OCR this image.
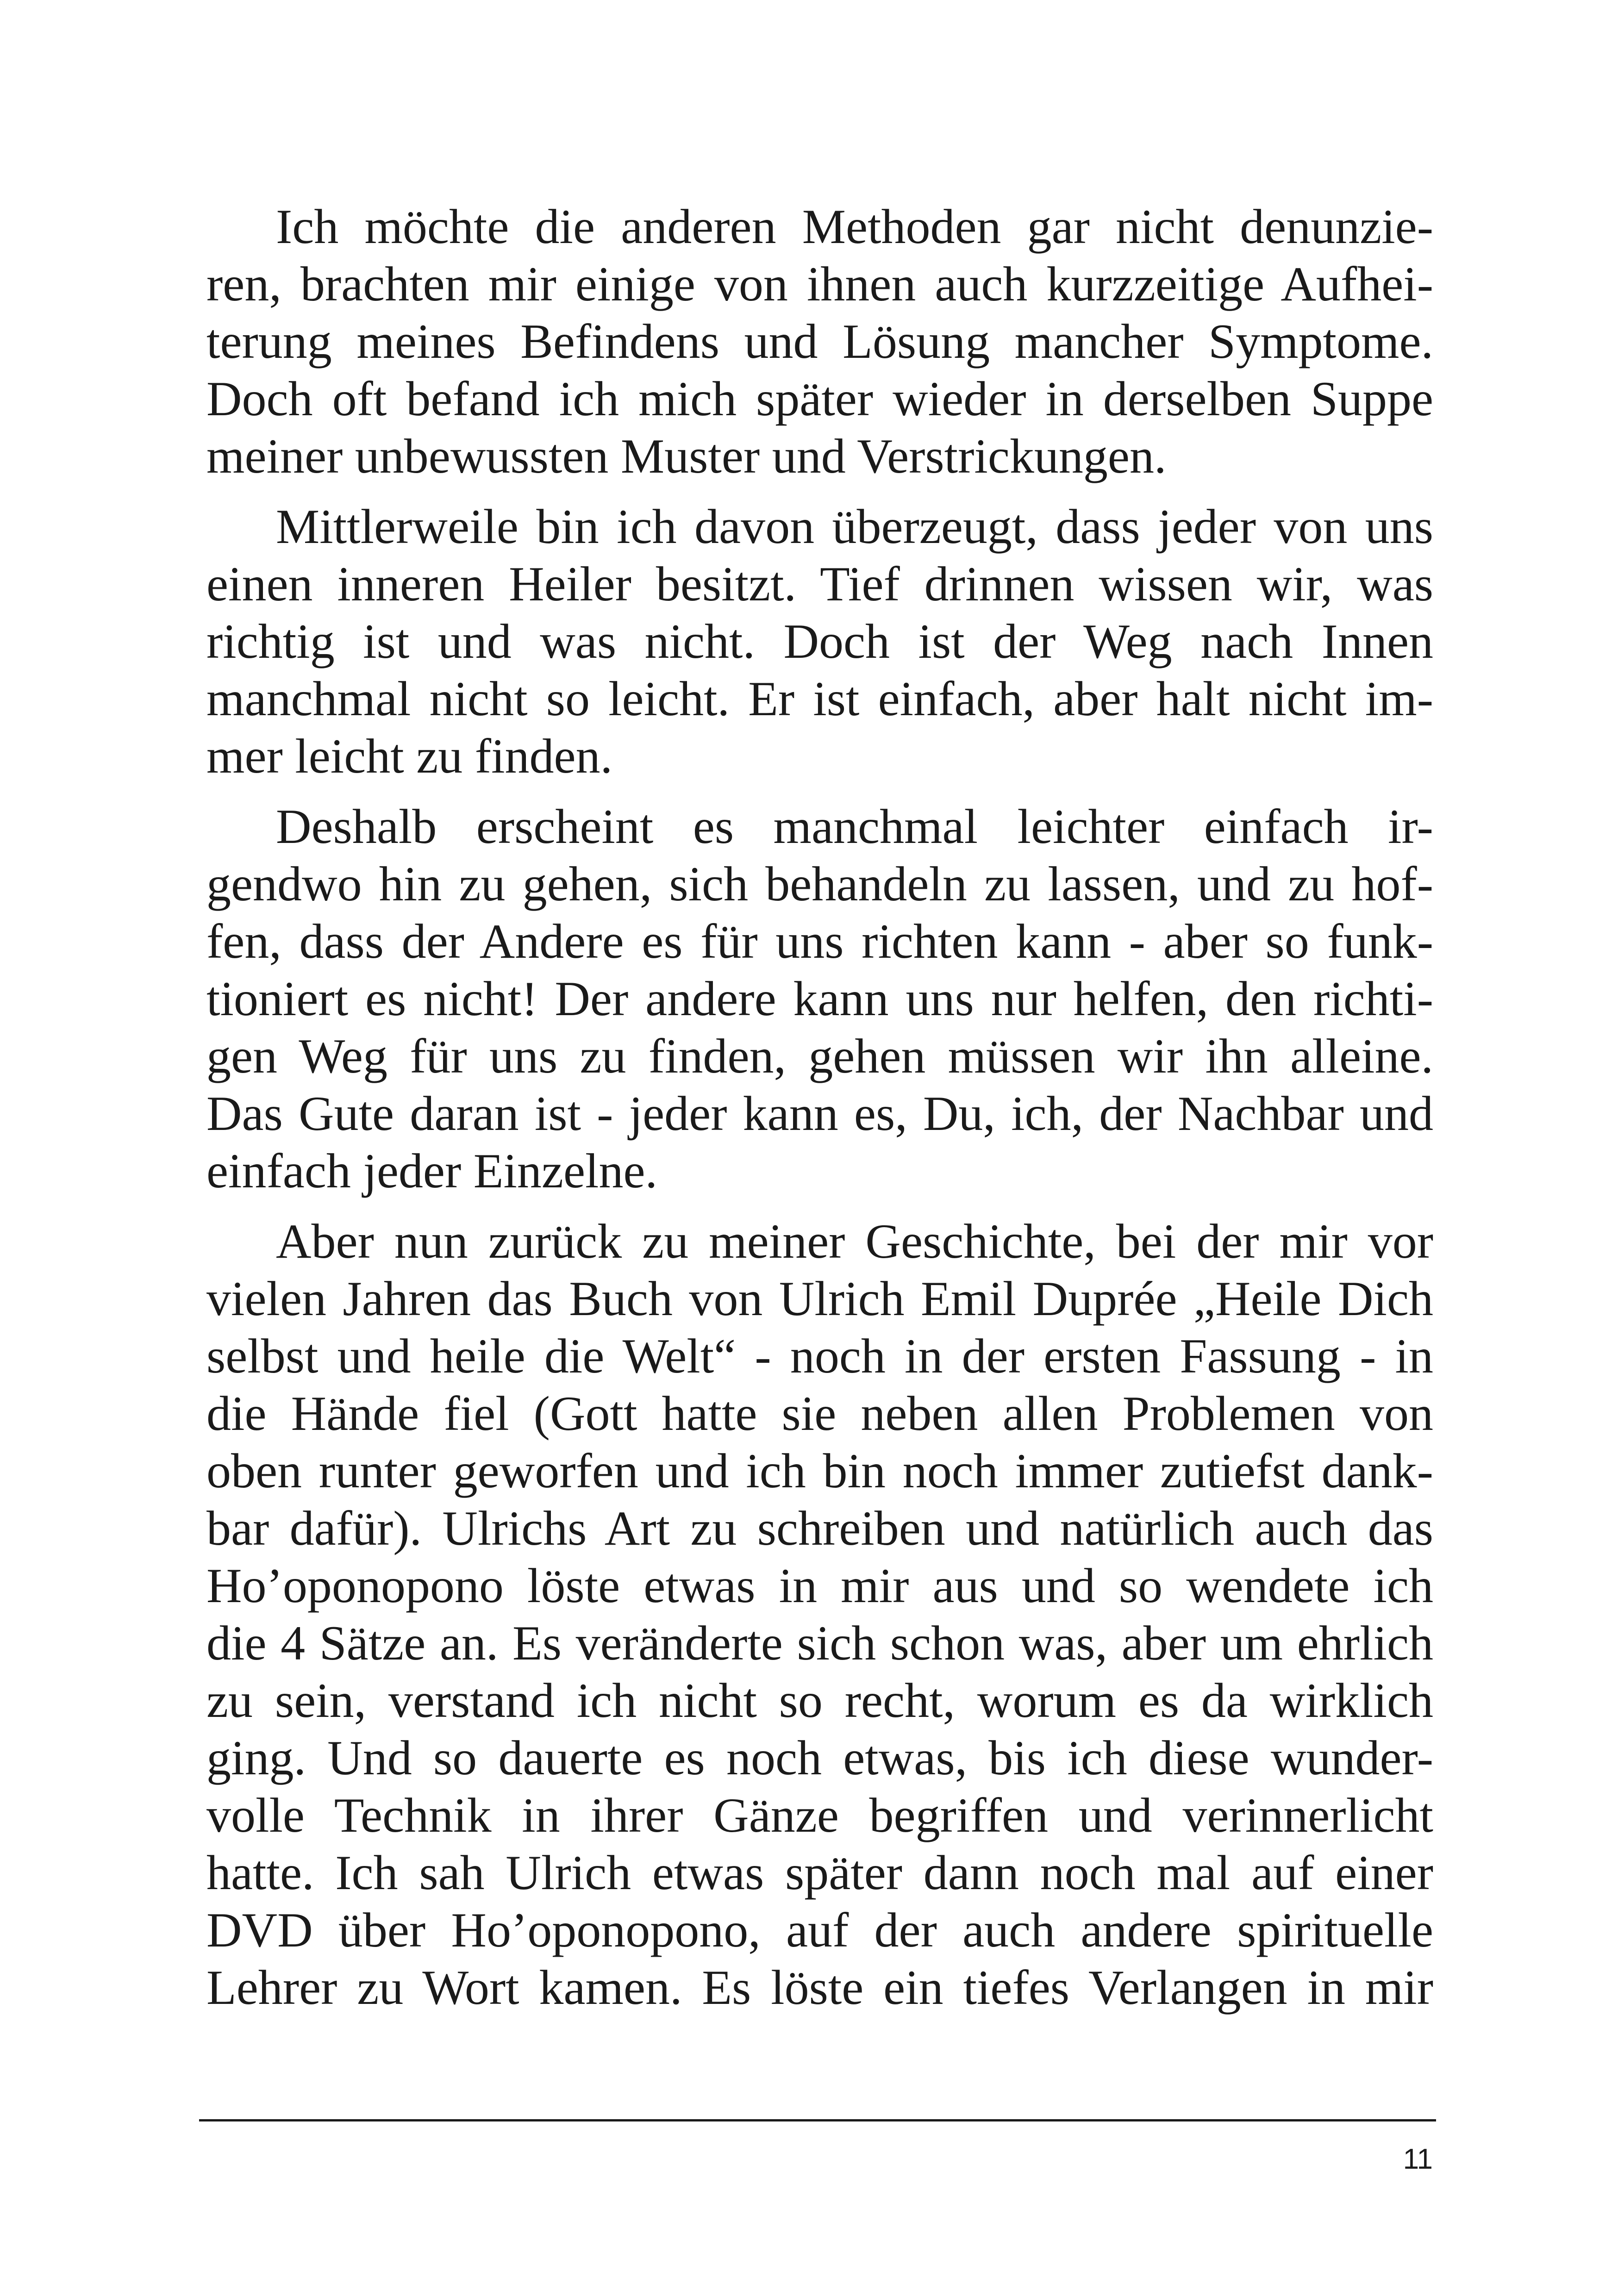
Ich möchte die anderen Methoden gar nicht denunzie-
ren, brachten mir einige von ihnen auch kurzzeitige Aufhei-
terung meines Befindens und Lösung mancher Symptome.
Doch oft befand ich mich später wieder in derselben Suppe
meiner unbewussten Muster und Verstrickungen.

Mittlerweile bin ich davon überzeugt, dass jeder von uns
einen inneren Heiler besitzt. Tief drinnen wissen wir, was
richtig ist und was nicht. Doch ist der Weg nach Innen
manchmal nicht so leicht. Er ist einfach, aber halt nicht im-
mer leicht zu finden.

Deshalb erscheint es manchmal leichter einfach ir-
gendwo hin zu gehen, sich behandeln zu lassen, und zu hof-
fen, dass der Andere es für uns richten kann - aber so funk-
tioniert es nicht! Der andere kann uns nur helfen, den richti-
gen Weg für uns zu finden, gehen müssen wir ihn alleine.
Das Gute daran ist - jeder kann es, Du, ich, der Nachbar und
einfach jeder Einzelne.

Aber nun zurück zu meiner Geschichte, bei der mir vor
vielen Jahren das Buch von Ulrich Emil Duprée „Heile Dich
selbst und heile die Welt“ - noch in der ersten Fassung - in
die Hände fiel (Gott hatte sie neben allen Problemen von
oben runter geworfen und ich bin noch immer zutiefst dank-
bar dafür). Ulrichs Art zu schreiben und natürlich auch das
Ho’oponopono löste etwas in mir aus und so wendete ich
die 4 Sätze an. Es veränderte sich schon was, aber um ehrlich
zu sein, verstand ich nicht so recht, worum es da wirklich
ging. Und so dauerte es noch etwas, bis ich diese wunder-
volle Technik in ihrer Gänze begriffen und verinnerlicht
hatte. Ich sah Ulrich etwas später dann noch mal auf einer
DVD über Ho’oponopono, auf der auch andere spirituelle
Lehrer zu Wort kamen. Es löste ein tiefes Verlangen in mir

11
